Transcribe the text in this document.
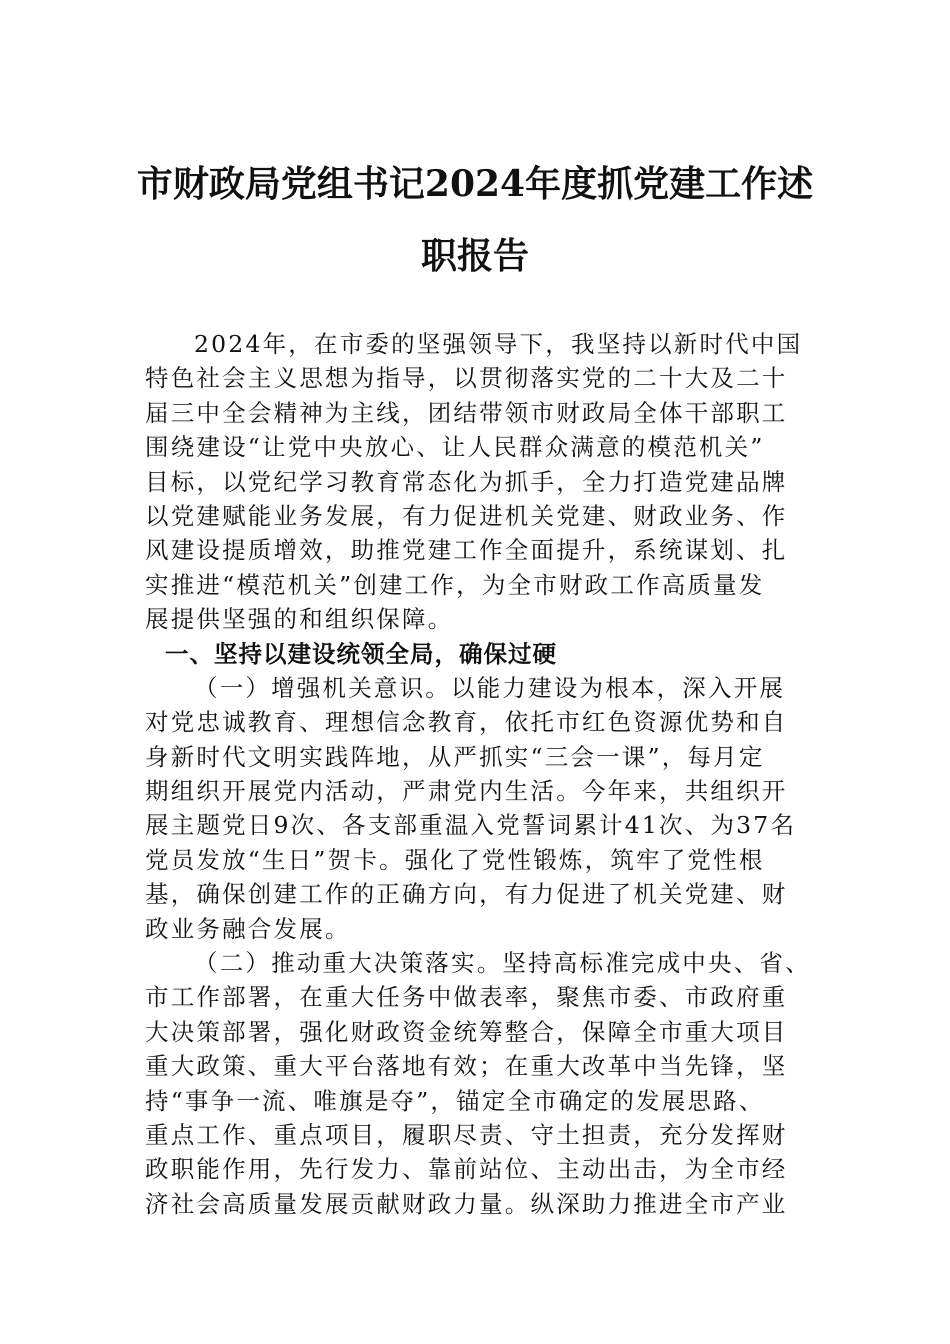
市财政局党组书记2024年度抓党建工作述
职报告
2024年，在市委的坚强领导下，我坚持以新时代中国
特色社会主义思想为指导，以贯彻落实党的二十大及二十
届三中全会精神为主线，团结带领市财政局全体干部职工
围绕建设“让党中央放心、让人民群众满意的模范机关”
目标，以党纪学习教育常态化为抓手，全力打造党建品牌
以党建赋能业务发展，有力促进机关党建、财政业务、作
风建设提质增效，助推党建工作全面提升，系统谋划、扎
实推进“模范机关”创建工作，为全市财政工作高质量发
展提供坚强的和组织保障。
一、坚持以建设统领全局，确保过硬
（一）增强机关意识。以能力建设为根本，深入开展
对党忠诚教育、理想信念教育，依托市红色资源优势和自
身新时代文明实践阵地，从严抓实“三会一课”，每月定
期组织开展党内活动，严肃党内生活。今年来，共组织开
展主题党日9次、各支部重温入党誓词累计41次、为37名
党员发放“生日”贺卡。强化了党性锻炼，筑牢了党性根
基，确保创建工作的正确方向，有力促进了机关党建、财
政业务融合发展。
（二）推动重大决策落实。坚持高标准完成中央、省、
市工作部署，在重大任务中做表率，聚焦市委、市政府重
大决策部署，强化财政资金统筹整合，保障全市重大项目
重大政策、重大平台落地有效；在重大改革中当先锋，坚
持“事争一流、唯旗是夺”，锚定全市确定的发展思路、
重点工作、重点项目，履职尽责、守土担责，充分发挥财
政职能作用，先行发力、靠前站位、主动出击，为全市经
济社会高质量发展贡献财政力量。纵深助力推进全市产业
